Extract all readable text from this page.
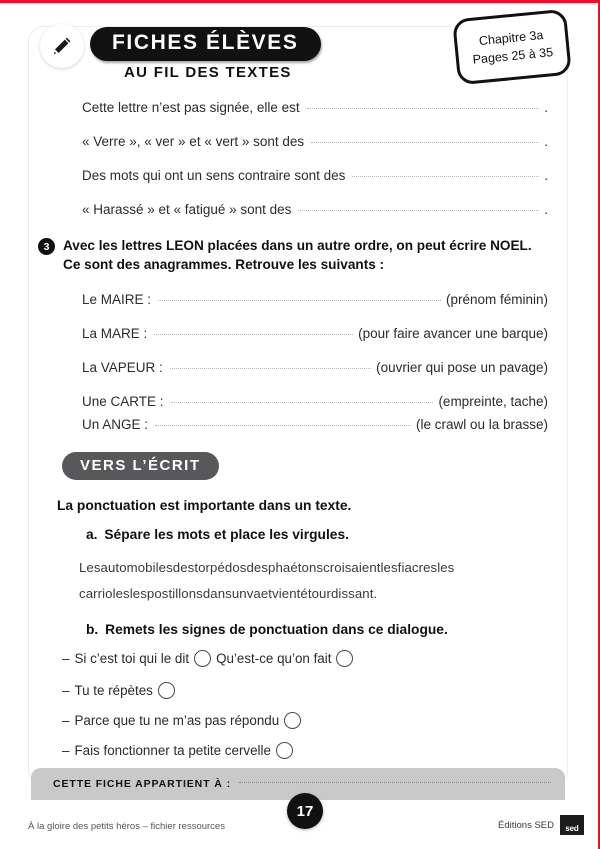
FICHES ÉLÈVES
AU FIL DES TEXTES
Chapitre 3a
Pages 25 à 35
Cette lettre n’est pas signée, elle est	.
« Verre », « ver » et « vert » sont des	.
Des mots qui ont un sens contraire sont des	.
« Harassé » et « fatigué » sont des	.
3 Avec les lettres LEON placées dans un autre ordre, on peut écrire NOEL. Ce sont des anagrammes. Retrouve les suivants :
Le MAIRE :	(prénom féminin)
La MARE :	(pour faire avancer une barque)
La VAPEUR :	(ouvrier qui pose un pavage)
Une CARTE :	(empreinte, tache)
Un ANGE :	(le crawl ou la brasse)
VERS L’ÉCRIT
La ponctuation est importante dans un texte.
a. Sépare les mots et place les virgules.
Lesautomobilesdestorpédosdesphaétonscroisaientlesfiacresles
carrioleslespostillonsdansunvaetvientétourdissant.
b. Remets les signes de ponctuation dans ce dialogue.
– Si c’est toi qui le dit Qu’est-ce qu’on fait
– Tu te répètes
– Parce que tu ne m’as pas répondu
– Fais fonctionner ta petite cervelle
CETTE FICHE APPARTIENT À :
17
À la gloire des petits héros – fichier ressources	Éditions SED sed
